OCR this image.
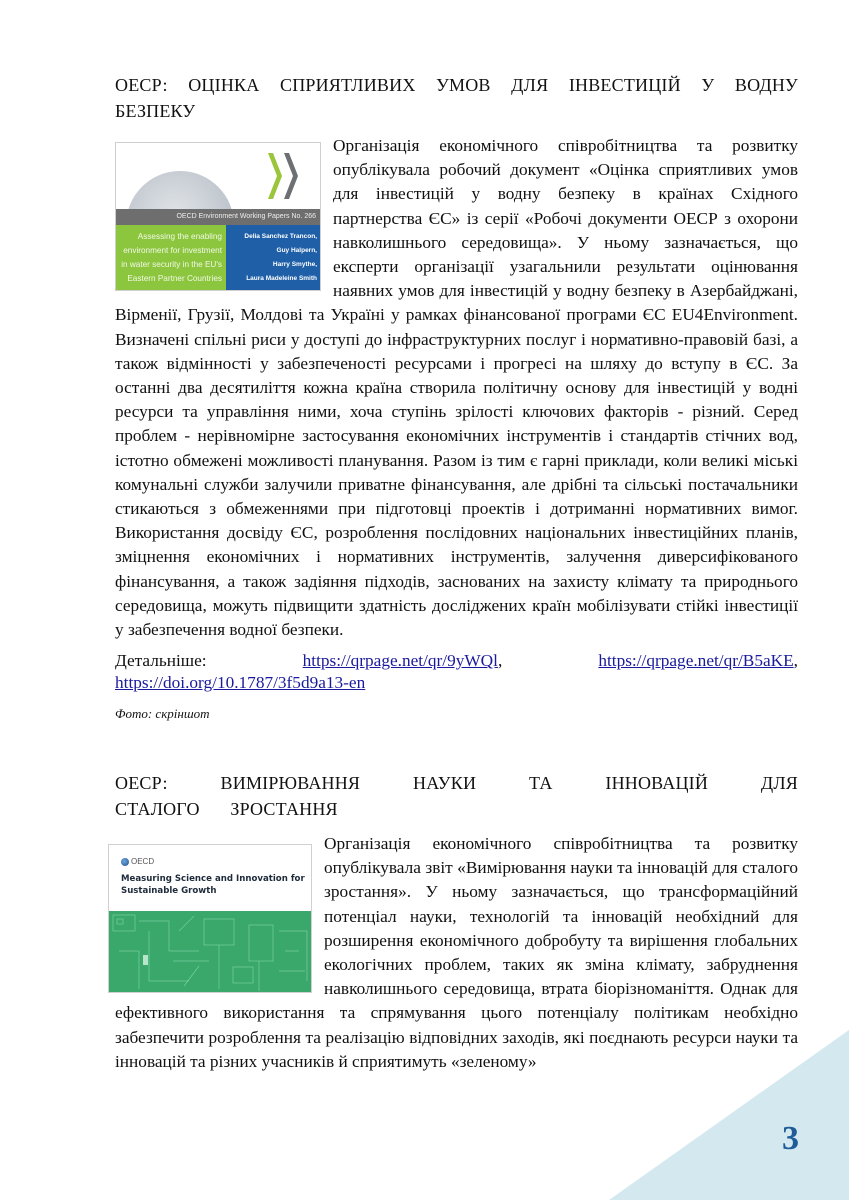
3
ОЕСР: ОЦІНКА СПРИЯТЛИВИХ УМОВ ДЛЯ ІНВЕСТИЦІЙ У ВОДНУ БЕЗПЕКУ
OECD Environment Working Papers No. 266
Assessing the enabling
environment for investment
in water security in the EU's
Eastern Partner Countries
Delia Sanchez Trancon,
Guy Halpern,
Harry Smythe,
Laura Madeleine Smith

Організація економічного співробітництва та розвитку опублікувала робочий документ «Оцінка сприятливих умов для інвестицій у водну безпеку в країнах Східного партнерства ЄС» із серії «Робочі документи ОЕСР з охорони навколишнього середовища». У ньому зазначається, що експерти організації узагальнили результати оцінювання наявних умов для інвестицій у водну безпеку в Азербайджані, Вірменії, Грузії, Молдові та Україні у рамках фінансованої програми ЄС EU4Environment. Визначені спільні риси у доступі до інфраструктурних послуг і нормативно-правовій базі, а також відмінності у забезпеченості ресурсами і прогресі на шляху до вступу в ЄС. За останні два десятиліття кожна країна створила політичну основу для інвестицій у водні ресурси та управління ними, хоча ступінь зрілості ключових факторів - різний. Серед проблем - нерівномірне застосування економічних інструментів і стандартів стічних вод, істотно обмежені можливості планування. Разом із тим є гарні приклади, коли великі міські комунальні служби залучили приватне фінансування, але дрібні та сільські постачальники стикаються з обмеженнями при підготовці проектів і дотриманні нормативних вимог. Використання досвіду ЄС, розроблення послідовних національних інвестиційних планів, зміцнення економічних і нормативних інструментів, залучення диверсифікованого фінансування, а також задіяння підходів, заснованих на захисту клімату та природнього середовища, можуть підвищити здатність досліджених країн мобілізувати стійкі інвестиції у забезпечення водної безпеки.

Детальніше:	https://qrpage.net/qr/9yWQl, https://qrpage.net/qr/B5aKE,

https://doi.org/10.1787/3f5d9a13-en

Фото: скріншот

ОЕСР: ВИМІРЮВАННЯ НАУКИ ТА ІННОВАЦІЙ ДЛЯ СТАЛОГО ЗРОСТАННЯ
OECD
Measuring Science and Innovation for Sustainable Growth

Організація економічного співробітництва та розвитку опублікувала звіт «Вимірювання науки та інновацій для сталого зростання». У ньому зазначається, що трансформаційний потенціал науки, технологій та інновацій необхідний для розширення економічного добробуту та вирішення глобальних екологічних проблем, таких як зміна клімату, забруднення навколишнього середовища, втрата біорізноманіття. Однак для ефективного використання та спрямування цього потенціалу політикам необхідно забезпечити розроблення та реалізацію відповідних заходів, які поєднають ресурси науки та інновацій та різних учасників й сприятимуть «зеленому»
